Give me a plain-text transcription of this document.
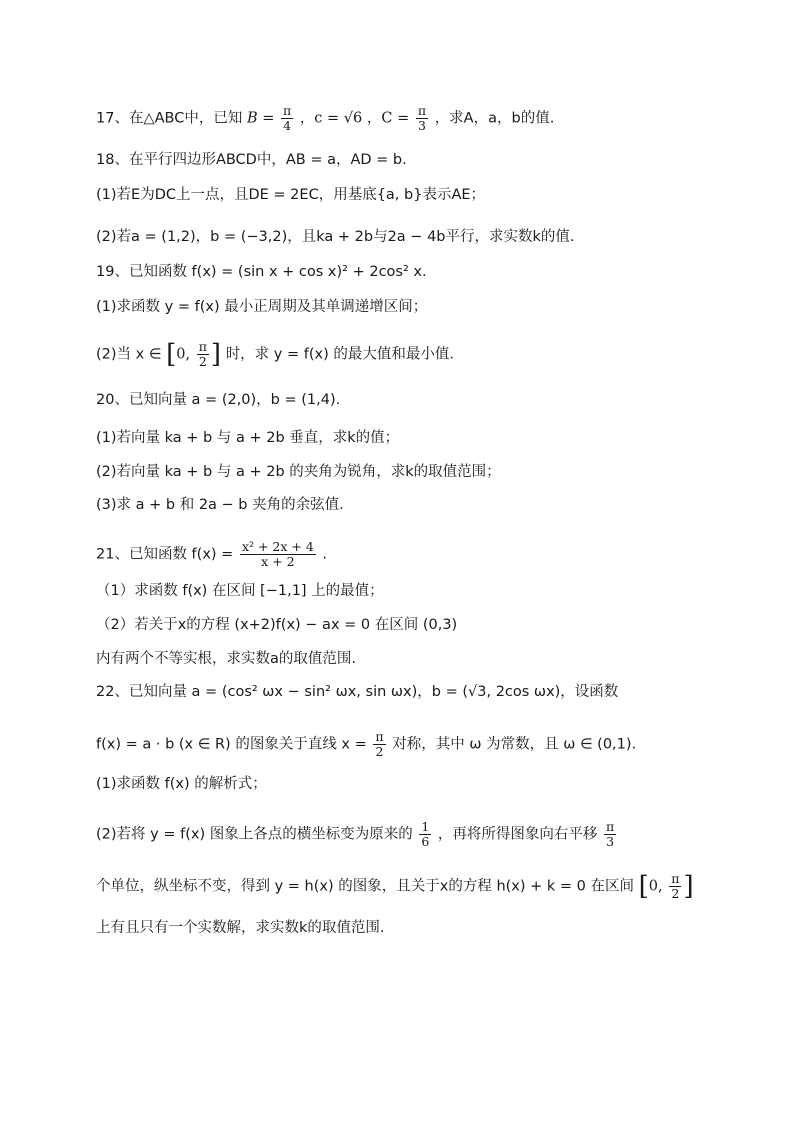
17、在△ABC中，已知 $B = \frac{\pi}{4}$ ，c = √6 ，$C = \frac{\pi}{3}$ ，求A，a，b的值.
18、在平行四边形ABCD中，AB = a，AD = b.
(1)若E为DC上一点，且DE = 2EC，用基底{a, b}表示AE；
(2)若a = (1,2)，b = (−3,2)，且ka + 2b与2a − 4b平行，求实数k的值.
19、已知函数 f(x) = (sin x + cos x)² + 2cos² x.
(1)求函数 y = f(x) 最小正周期及其单调递增区间；
(2)当 x ∈ [0, $\frac{\pi}{2}$ ] 时，求 y = f(x) 的最大值和最小值.
20、已知向量 a = (2,0)，b = (1,4).
(1)若向量 ka + b 与 a + 2b 垂直，求k的值；
(2)若向量 ka + b 与 a + 2b 的夹角为锐角，求k的取值范围；
(3)求 a + b 和 2a − b 夹角的余弦值.
21、已知函数 $f(x) = \frac{\text{x² + 2x + 4}}{x + 2}$ .
（1）求函数 f(x) 在区间 [−1,1] 上的最值；
（2）若关于x的方程 (x+2)f(x) − ax = 0 在区间 (0,3)
内有两个不等实根，求实数a的取值范围.
22、已知向量 a = (cos² ωx − sin² ωx, sin ωx)，b = (√3, 2cos ωx)，设函数
f(x) = a · b (x ∈ R) 的图象关于直线 $x = \frac{\pi}{2}$ 对称，其中 ω 为常数，且 ω ∈ (0,1).
(1)求函数 f(x) 的解析式；
(2)若将 y = f(x) 图象上各点的横坐标变为原来的 $\frac{1}{6}$ ，再将所得图象向右平移 $\frac{\pi}{3}$
个单位，纵坐标不变，得到 y = h(x) 的图象，且关于x的方程 h(x) + k = 0 在区间 [0, $\frac{\pi}{2}$ ]
上有且只有一个实数解，求实数k的取值范围.
